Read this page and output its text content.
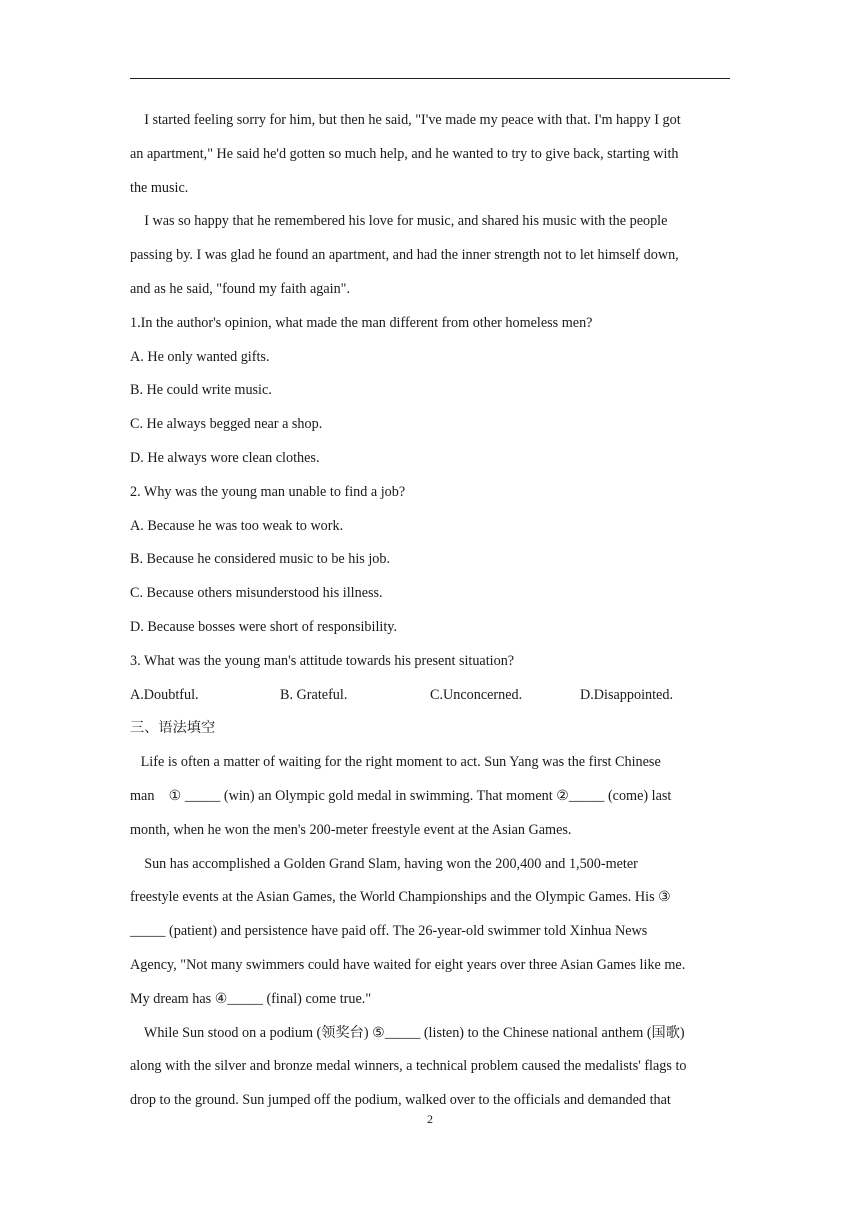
I started feeling sorry for him, but then he said, "I've made my peace with that. I'm happy I got
an apartment," He said he'd gotten so much help, and he wanted to try to give back, starting with
the music.
I was so happy that he remembered his love for music, and shared his music with the people
passing by. I was glad he found an apartment, and had the inner strength not to let himself down,
and as he said, "found my faith again".
1.In the author's opinion, what made the man different from other homeless men?
A. He only wanted gifts.
B. He could write music.
C. He always begged near a shop.
D. He always wore clean clothes.
2. Why was the young man unable to find a job?
A. Because he was too weak to work.
B. Because he considered music to be his job.
C. Because others misunderstood his illness.
D. Because bosses were short of responsibility.
3. What was the young man's attitude towards his present situation?
A.Doubtful.	B. Grateful.	C.Unconcerned.	D.Disappointed.
三、语法填空
Life is often a matter of waiting for the right moment to act. Sun Yang was the first Chinese
man    ① _____ (win) an Olympic gold medal in swimming. That moment ②_____ (come) last
month, when he won the men's 200-meter freestyle event at the Asian Games.
Sun has accomplished a Golden Grand Slam, having won the 200,400 and 1,500-meter
freestyle events at the Asian Games, the World Championships and the Olympic Games. His ③
_____ (patient) and persistence have paid off. The 26-year-old swimmer told Xinhua News
Agency, "Not many swimmers could have waited for eight years over three Asian Games like me.
My dream has ④_____ (final) come true."
While Sun stood on a podium (领奖台) ⑤_____ (listen) to the Chinese national anthem (国歌)
along with the silver and bronze medal winners, a technical problem caused the medalists' flags to
drop to the ground. Sun jumped off the podium, walked over to the officials and demanded that
2
